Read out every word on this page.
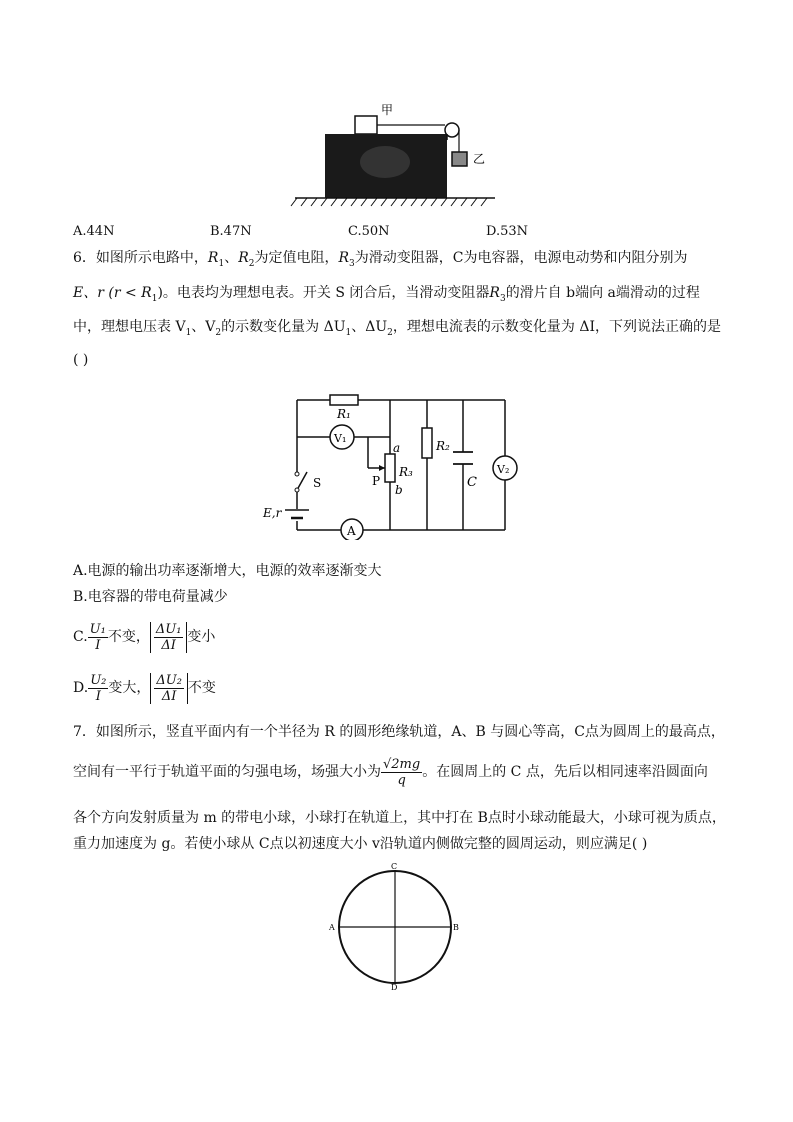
甲
乙
A.44N	B.47N	C.50N	D.53N
6．如图所示电路中，$R_1$、$R_2$为定值电阻，$R_3$为滑动变阻器，C为电容器，电源电动势和内阻分别为
E、r $(r < R_1)$。电表均为理想电表。开关 S 闭合后，当滑动变阻器$R_3$的滑片自 b端向 a端滑动的过程
中，理想电压表 $V_1$、$V_2$的示数变化量为 $\Delta U_1$、$\Delta U_2$，理想电流表的示数变化量为 ΔI，下列说法正确的是
( )
R₁
V₁
a
P
R₃
b
R₂
C
V₂
S
E,r
A
A.电源的输出功率逐渐增大，电源的效率逐渐变大
B.电容器的带电荷量减少
C. $\frac{\text{U₁}}{I}$ 不变， $\frac{\text{ΔU₁}}{\Delta I}$ 变小
D. $\frac{\text{U₂}}{I}$ 变大， $\frac{\text{ΔU₂}}{\Delta I}$ 不变
7．如图所示，竖直平面内有一个半径为 R 的圆形绝缘轨道，A、B 与圆心等高，C点为圆周上的最高点，
空间有一平行于轨道平面的匀强电场，场强大小为 $\frac{√2mg}{q}$ 。在圆周上的 C 点，先后以相同速率沿圆面向
各个方向发射质量为 m 的带电小球，小球打在轨道上，其中打在 B点时小球动能最大，小球可视为质点，
重力加速度为 g。若使小球从 C点以初速度大小 v沿轨道内侧做完整的圆周运动，则应满足( )
C
A	B
D
